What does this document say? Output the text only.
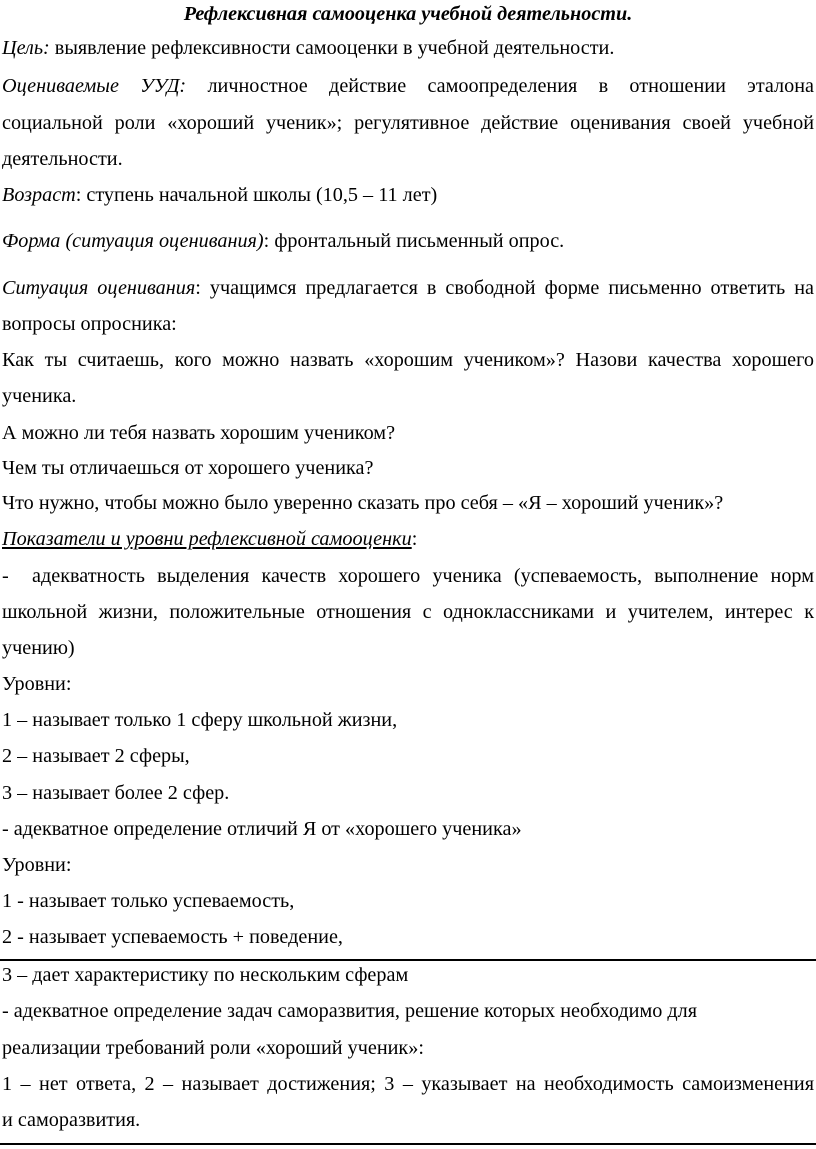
Рефлексивная самооценка учебной деятельности.
Цель: выявление рефлексивности самооценки в учебной деятельности.
Оцениваемые УУД: личностное действие самоопределения в отношении эталона
социальной роли «хороший ученик»; регулятивное действие оценивания своей учебной
деятельности.
Возраст: ступень начальной школы (10,5 – 11 лет)
Форма (ситуация оценивания): фронтальный письменный опрос.
Ситуация оценивания: учащимся предлагается в свободной форме письменно ответить на
вопросы опросника:
Как ты считаешь, кого можно назвать «хорошим учеником»? Назови качества хорошего
ученика.
А можно ли тебя назвать хорошим учеником?
Чем ты отличаешься от хорошего ученика?
Что нужно, чтобы можно было уверенно сказать про себя – «Я – хороший ученик»?
Показатели и уровни рефлексивной самооценки:
- адекватность выделения качеств хорошего ученика (успеваемость, выполнение норм
школьной жизни, положительные отношения с одноклассниками и учителем, интерес к
учению)
Уровни:
1 – называет только 1 сферу школьной жизни,
2 – называет 2 сферы,
3 – называет более 2 сфер.
- адекватное определение отличий Я от «хорошего ученика»
Уровни:
1 - называет только успеваемость,
2 - называет успеваемость + поведение,
3 – дает характеристику по нескольким сферам
- адекватное определение задач саморазвития, решение которых необходимо для
реализации требований роли «хороший ученик»:
1 – нет ответа, 2 – называет достижения; 3 – указывает на необходимость самоизменения
и саморазвития.
